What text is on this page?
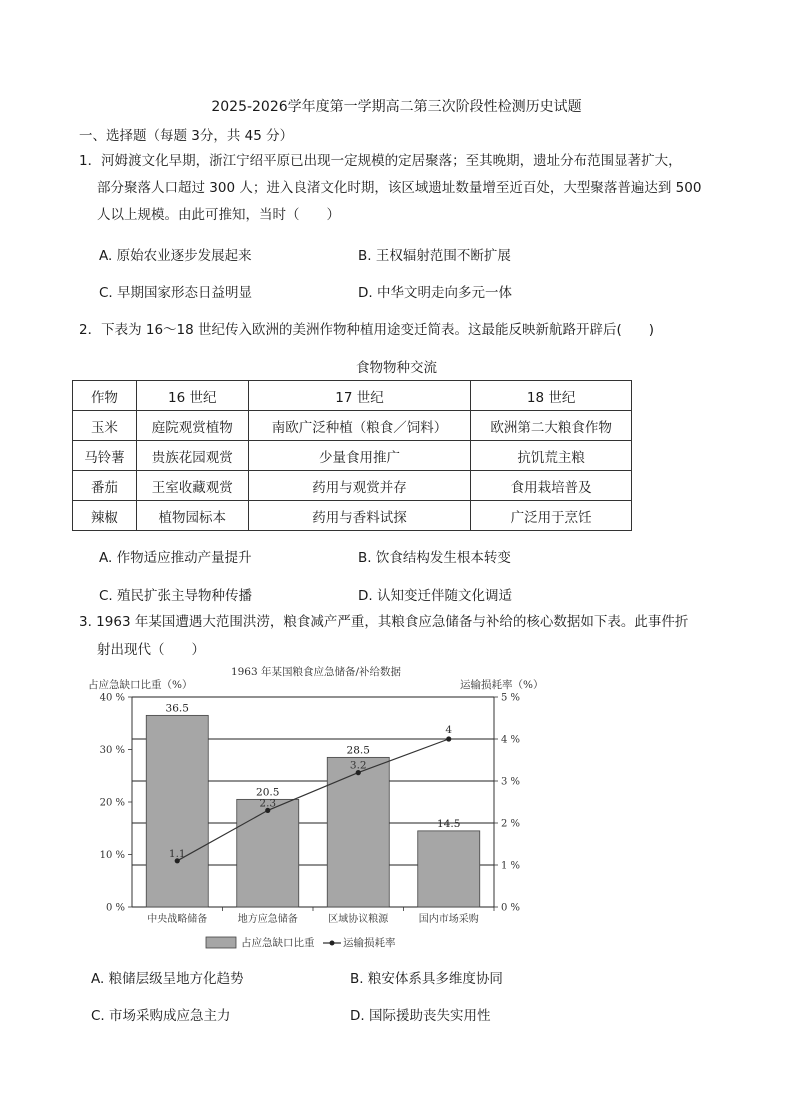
2025-2026学年度第一学期高二第三次阶段性检测历史试题
一、选择题（每题 3分，共 45 分）
1．河姆渡文化早期，浙江宁绍平原已出现一定规模的定居聚落；至其晚期，遗址分布范围显著扩大，
部分聚落人口超过 300 人；进入良渚文化时期，该区域遗址数量增至近百处，大型聚落普遍达到 500
人以上规模。由此可推知，当时（　　）
A. 原始农业逐步发展起来	B. 王权辐射范围不断扩展
C. 早期国家形态日益明显	D. 中华文明走向多元一体
2．下表为 16～18 世纪传入欧洲的美洲作物种植用途变迁简表。这最能反映新航路开辟后(　　)
食物物种交流
作物	16 世纪	17 世纪	18 世纪
玉米	庭院观赏植物	南欧广泛种植（粮食／饲料）	欧洲第二大粮食作物
马铃薯	贵族花园观赏	少量食用推广	抗饥荒主粮
番茄	王室收藏观赏	药用与观赏并存	食用栽培普及
辣椒	植物园标本	药用与香料试探	广泛用于烹饪
A. 作物适应推动产量提升	B. 饮食结构发生根本转变
C. 殖民扩张主导物种传播	D. 认知变迁伴随文化调适
3. 1963 年某国遭遇大范围洪涝，粮食减产严重，其粮食应急储备与补给的核心数据如下表。此事件折
射出现代（　　）
1963 年某国粮食应急储备/补给数据
占应急缺口比重（%）	运输损耗率（%）
占应急缺口比重	运输损耗率
0 %
10 %
20 %
30 %
40 %
0 %
1 %
2 %
3 %
4 %
5 %
36.5
中央战略储备
20.5
地方应急储备
28.5
区域协议粮源
14.5
国内市场采购
1.1
2.3
3.2
4
A. 粮储层级呈地方化趋势	B. 粮安体系具多维度协同
C. 市场采购成应急主力	D. 国际援助丧失实用性
